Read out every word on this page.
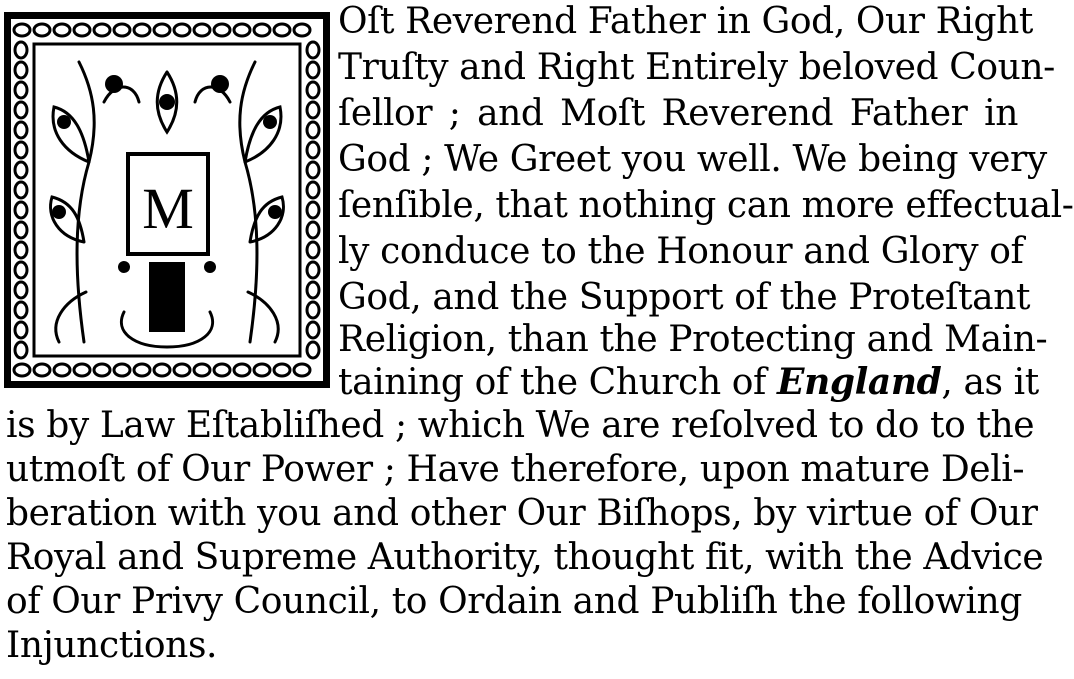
M
Oſt Reverend Father in God, Our Right
Truſty and Right Entirely beloved Coun-
ſellor ; and Moſt Reverend Father in
God ; We Greet you well. We being very
ſenſible, that nothing can more effectual-
ly conduce to the Honour and Glory of
God, and the Support of the Proteſtant
Religion, than the Protecting and Main-
taining of the Church of England, as it
is by Law Eſtabliſhed ; which We are reſolved to do to the
utmoſt of Our Power ; Have therefore, upon mature Deli-
beration with you and other Our Biſhops, by virtue of Our
Royal and Supreme Authority, thought fit, with the Advice
of Our Privy Council, to Ordain and Publiſh the following
Injunctions.
